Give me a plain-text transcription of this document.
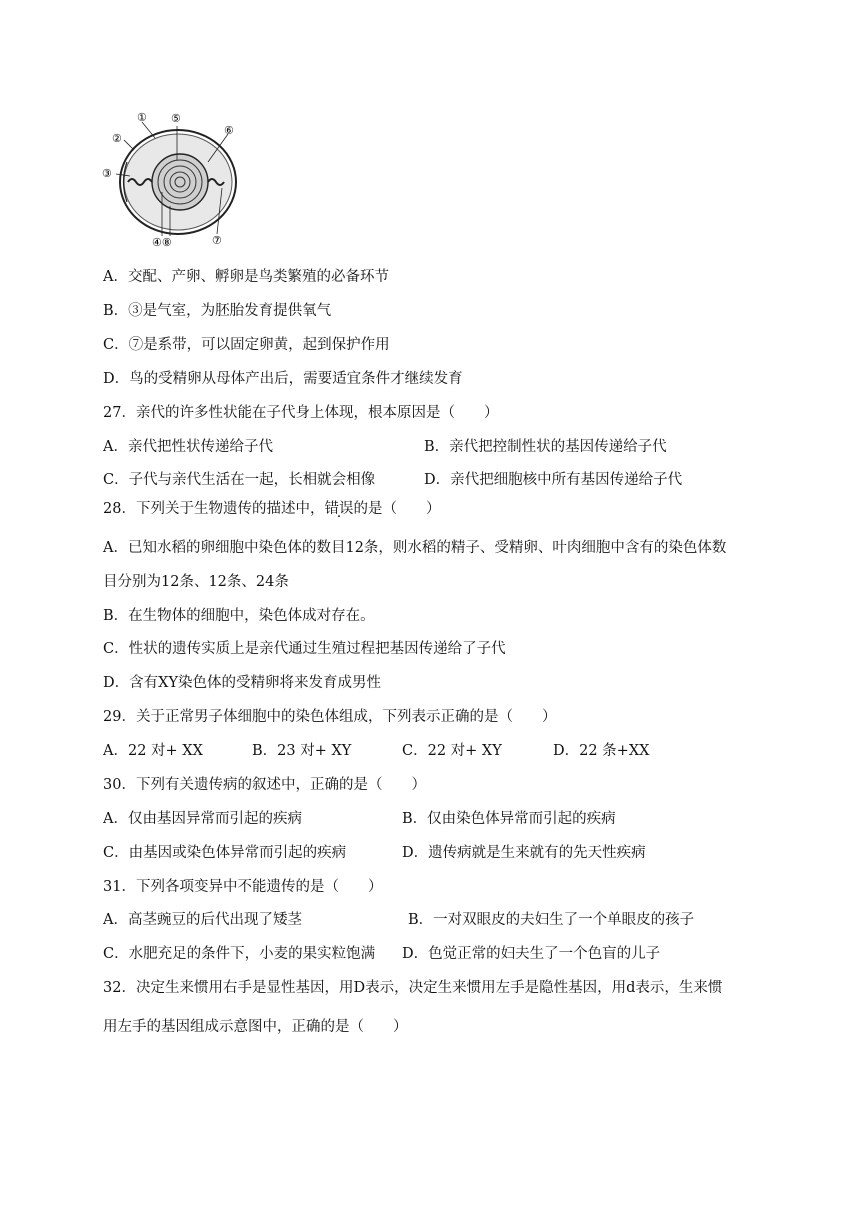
①
②
③
④⑧
⑤
⑥
⑦
A．交配、产卵、孵卵是鸟类繁殖的必备环节
B．③是气室，为胚胎发育提供氧气
C．⑦是系带，可以固定卵黄，起到保护作用
D．鸟的受精卵从母体产出后，需要适宜条件才继续发育
27．亲代的许多性状能在子代身上体现，根本原因是（　　）
A．亲代把性状传递给子代	B．亲代把控制性状的基因传递给子代
C．子代与亲代生活在一起，长相就会相像	D．亲代把细胞核中所有基因传递给子代
28．下列关于生物遗传的描述中，错误的是（　　）
A．已知水稻的卵细胞中染色体的数目12条，则水稻的精子、受精卵、叶肉细胞中含有的染色体数
目分别为12条、12条、24条
B．在生物体的细胞中，染色体成对存在。
C．性状的遗传实质上是亲代通过生殖过程把基因传递给了子代
D．含有XY染色体的受精卵将来发育成男性
29．关于正常男子体细胞中的染色体组成，下列表示正确的是（　　）
A．22 对+ XX	B．23 对+ XY	C．22 对+ XY	D．22 条+XX
30．下列有关遗传病的叙述中，正确的是（　　）
A．仅由基因异常而引起的疾病	B．仅由染色体异常而引起的疾病
C．由基因或染色体异常而引起的疾病	D．遗传病就是生来就有的先天性疾病
31．下列各项变异中不能遗传的是（　　）
A．高茎豌豆的后代出现了矮茎	B．一对双眼皮的夫妇生了一个单眼皮的孩子
C．水肥充足的条件下，小麦的果实粒饱满 D．色觉正常的妇夫生了一个色盲的儿子
32．决定生来惯用右手是显性基因，用D表示，决定生来惯用左手是隐性基因，用d表示，生来惯
用左手的基因组成示意图中，正确的是（　　）
